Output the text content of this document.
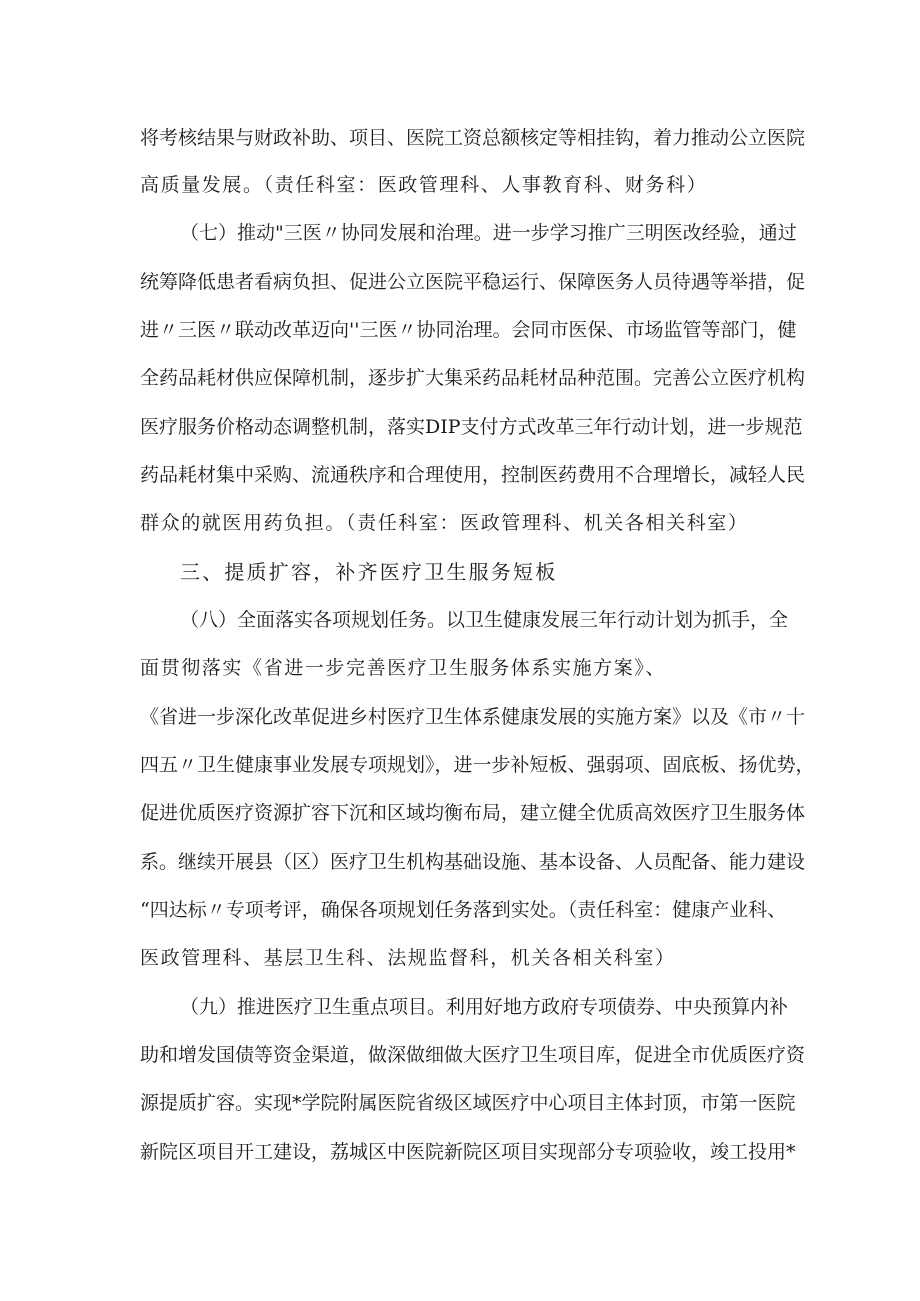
将考核结果与财政补助、项目、医院工资总额核定等相挂钩，着力推动公立医院
高质量发展。（责任科室：医政管理科、人事教育科、财务科）
（七）推动"三医〃协同发展和治理。进一步学习推广三明医改经验，通过
统筹降低患者看病负担、促进公立医院平稳运行、保障医务人员待遇等举措，促
进〃三医〃联动改革迈向''三医〃协同治理。会同市医保、市场监管等部门，健
全药品耗材供应保障机制，逐步扩大集采药品耗材品种范围。完善公立医疗机构
医疗服务价格动态调整机制，落实DIP支付方式改革三年行动计划，进一步规范
药品耗材集中采购、流通秩序和合理使用，控制医药费用不合理增长，减轻人民
群众的就医用药负担。（责任科室：医政管理科、机关各相关科室）
三、提质扩容，补齐医疗卫生服务短板
（八）全面落实各项规划任务。以卫生健康发展三年行动计划为抓手，全
面贯彻落实《省进一步完善医疗卫生服务体系实施方案》、
《省进一步深化改革促进乡村医疗卫生体系健康发展的实施方案》以及《市〃十
四五〃卫生健康事业发展专项规划》，进一步补短板、强弱项、固底板、扬优势，
促进优质医疗资源扩容下沉和区域均衡布局，建立健全优质高效医疗卫生服务体
系。继续开展县（区）医疗卫生机构基础设施、基本设备、人员配备、能力建设
“四达标〃专项考评，确保各项规划任务落到实处。（责任科室：健康产业科、
医政管理科、基层卫生科、法规监督科，机关各相关科室）
（九）推进医疗卫生重点项目。利用好地方政府专项债券、中央预算内补
助和增发国债等资金渠道，做深做细做大医疗卫生项目库，促进全市优质医疗资
源提质扩容。实现*学院附属医院省级区域医疗中心项目主体封顶，市第一医院
新院区项目开工建设，荔城区中医院新院区项目实现部分专项验收，竣工投用*
